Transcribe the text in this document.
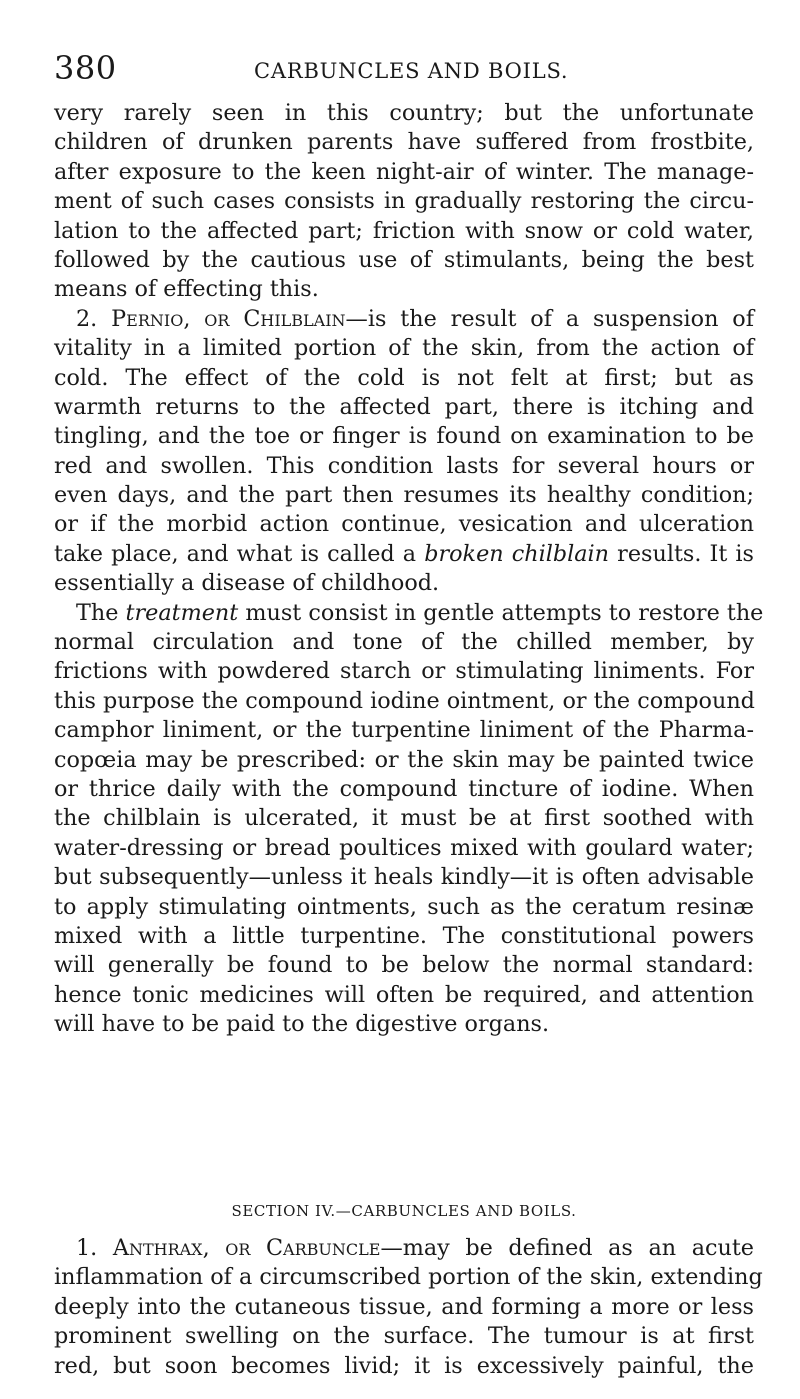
380	CARBUNCLES AND BOILS.
very rarely seen in this country; but the unfortunate
children of drunken parents have suffered from frostbite,
after exposure to the keen night-air of winter. The manage-
ment of such cases consists in gradually restoring the circu-
lation to the affected part; friction with snow or cold water,
followed by the cautious use of stimulants, being the best
means of effecting this.
2. Pernio, or Chilblain—is the result of a suspension of
vitality in a limited portion of the skin, from the action of
cold. The effect of the cold is not felt at first; but as
warmth returns to the affected part, there is itching and
tingling, and the toe or finger is found on examination to be
red and swollen. This condition lasts for several hours or
even days, and the part then resumes its healthy condition;
or if the morbid action continue, vesication and ulceration
take place, and what is called a broken chilblain results. It is
essentially a disease of childhood.
The treatment must consist in gentle attempts to restore the
normal circulation and tone of the chilled member, by
frictions with powdered starch or stimulating liniments. For
this purpose the compound iodine ointment, or the compound
camphor liniment, or the turpentine liniment of the Pharma-
copœia may be prescribed: or the skin may be painted twice
or thrice daily with the compound tincture of iodine. When
the chilblain is ulcerated, it must be at first soothed with
water-dressing or bread poultices mixed with goulard water;
but subsequently—unless it heals kindly—it is often advisable
to apply stimulating ointments, such as the ceratum resinæ
mixed with a little turpentine. The constitutional powers
will generally be found to be below the normal standard:
hence tonic medicines will often be required, and attention
will have to be paid to the digestive organs.
SECTION IV.—CARBUNCLES AND BOILS.
1. Anthrax, or Carbuncle—may be defined as an acute
inflammation of a circumscribed portion of the skin, extending
deeply into the cutaneous tissue, and forming a more or less
prominent swelling on the surface. The tumour is at first
red, but soon becomes livid; it is excessively painful, the
